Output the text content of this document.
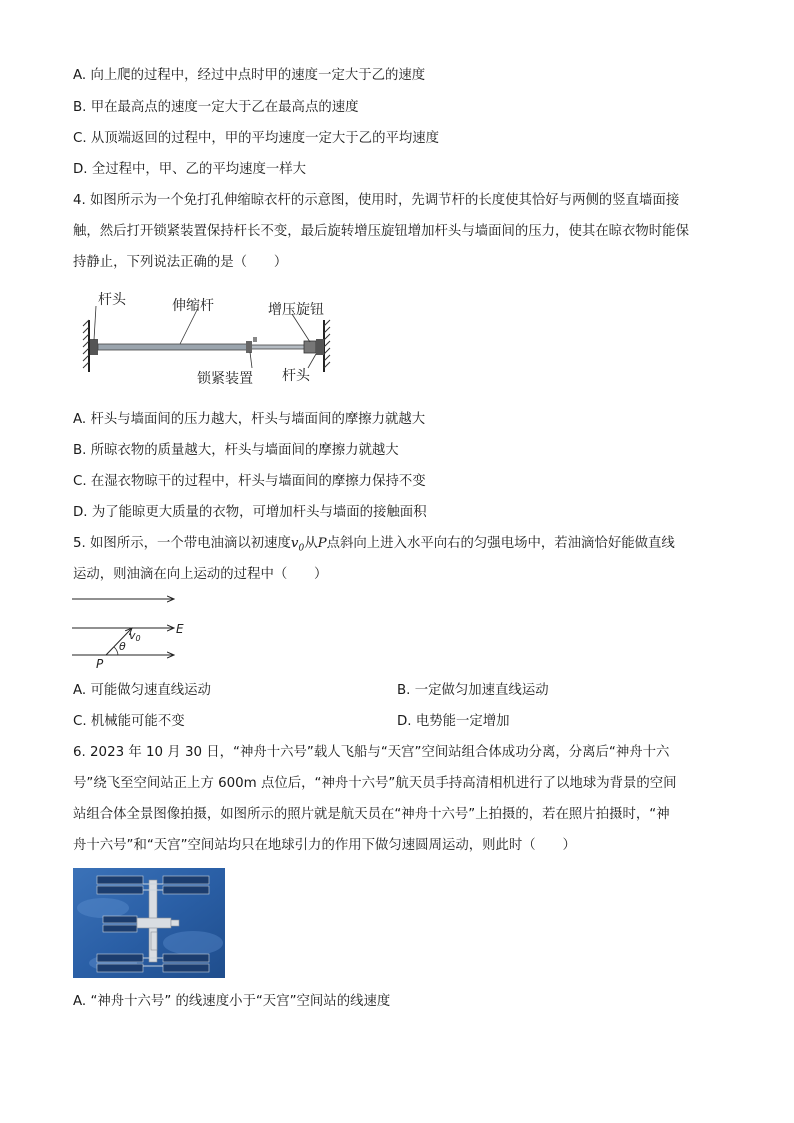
A. 向上爬的过程中，经过中点时甲的速度一定大于乙的速度
B. 甲在最高点的速度一定大于乙在最高点的速度
C. 从顶端返回的过程中，甲的平均速度一定大于乙的平均速度
D. 全过程中，甲、乙的平均速度一样大
4. 如图所示为一个免打孔伸缩晾衣杆的示意图，使用时，先调节杆的长度使其恰好与两侧的竖直墙面接
触，然后打开锁紧装置保持杆长不变，最后旋转增压旋钮增加杆头与墙面间的压力，使其在晾衣物时能保
持静止，下列说法正确的是（　　）
杆头	伸缩杆	增压旋钮
锁紧装置 杆头
A. 杆头与墙面间的压力越大，杆头与墙面间的摩擦力就越大
B. 所晾衣物的质量越大，杆头与墙面间的摩擦力就越大
C. 在湿衣物晾干的过程中，杆头与墙面间的摩擦力保持不变
D. 为了能晾更大质量的衣物，可增加杆头与墙面的接触面积
5. 如图所示，一个带电油滴以初速度$v_0$从P点斜向上进入水平向右的匀强电场中，若油滴恰好能做直线
运动，则油滴在向上运动的过程中（　　）
E
v0
θ
P
A. 可能做匀速直线运动	B. 一定做匀加速直线运动
C. 机械能可能不变	D. 电势能一定增加
6. 2023 年 10 月 30 日，“神舟十六号”载人飞船与“天宫”空间站组合体成功分离，分离后“神舟十六
号”绕飞至空间站正上方 600m 点位后，“神舟十六号”航天员手持高清相机进行了以地球为背景的空间
站组合体全景图像拍摄，如图所示的照片就是航天员在“神舟十六号”上拍摄的，若在照片拍摄时，“神
舟十六号”和“天宫”空间站均只在地球引力的作用下做匀速圆周运动，则此时（　　）
A. “神舟十六号” 的线速度小于“天宫”空间站的线速度
